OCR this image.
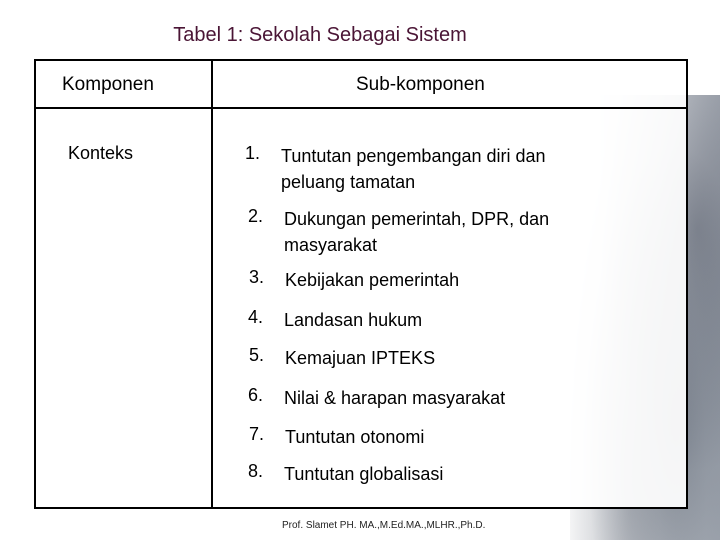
Tabel 1: Sekolah Sebagai Sistem
Komponen	Sub-komponen
Konteks	1.	Tuntutan pengembangan diri dan
peluang tamatan
2.	Dukungan pemerintah, DPR, dan
masyarakat
3.	Kebijakan pemerintah
4.	Landasan hukum
5.	Kemajuan IPTEKS
6.	Nilai & harapan masyarakat
7.	Tuntutan otonomi
8.	Tuntutan globalisasi
Prof. Slamet PH. MA.,M.Ed.MA.,MLHR.,Ph.D.
